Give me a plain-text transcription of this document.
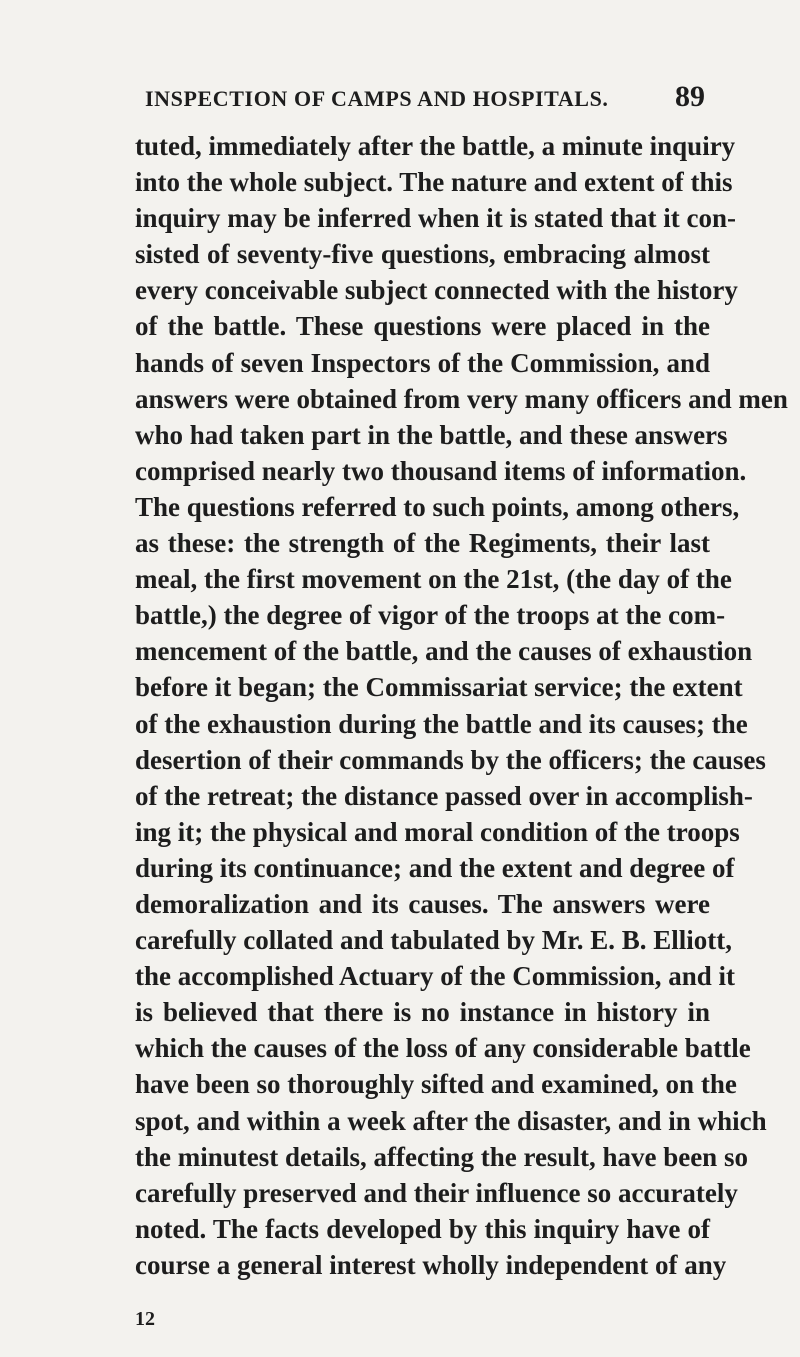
INSPECTION OF CAMPS AND HOSPITALS. 89
tuted, immediately after the battle, a minute inquiry
into the whole subject. The nature and extent of this
inquiry may be inferred when it is stated that it con-
sisted of seventy-five questions, embracing almost
every conceivable subject connected with the history
of the battle. These questions were placed in the
hands of seven Inspectors of the Commission, and
answers were obtained from very many officers and men
who had taken part in the battle, and these answers
comprised nearly two thousand items of information.
The questions referred to such points, among others,
as these: the strength of the Regiments, their last
meal, the first movement on the 21st, (the day of the
battle,) the degree of vigor of the troops at the com-
mencement of the battle, and the causes of exhaustion
before it began; the Commissariat service; the extent
of the exhaustion during the battle and its causes; the
desertion of their commands by the officers; the causes
of the retreat; the distance passed over in accomplish-
ing it; the physical and moral condition of the troops
during its continuance; and the extent and degree of
demoralization and its causes. The answers were
carefully collated and tabulated by Mr. E. B. Elliott,
the accomplished Actuary of the Commission, and it
is believed that there is no instance in history in
which the causes of the loss of any considerable battle
have been so thoroughly sifted and examined, on the
spot, and within a week after the disaster, and in which
the minutest details, affecting the result, have been so
carefully preserved and their influence so accurately
noted. The facts developed by this inquiry have of
course a general interest wholly independent of any
12
